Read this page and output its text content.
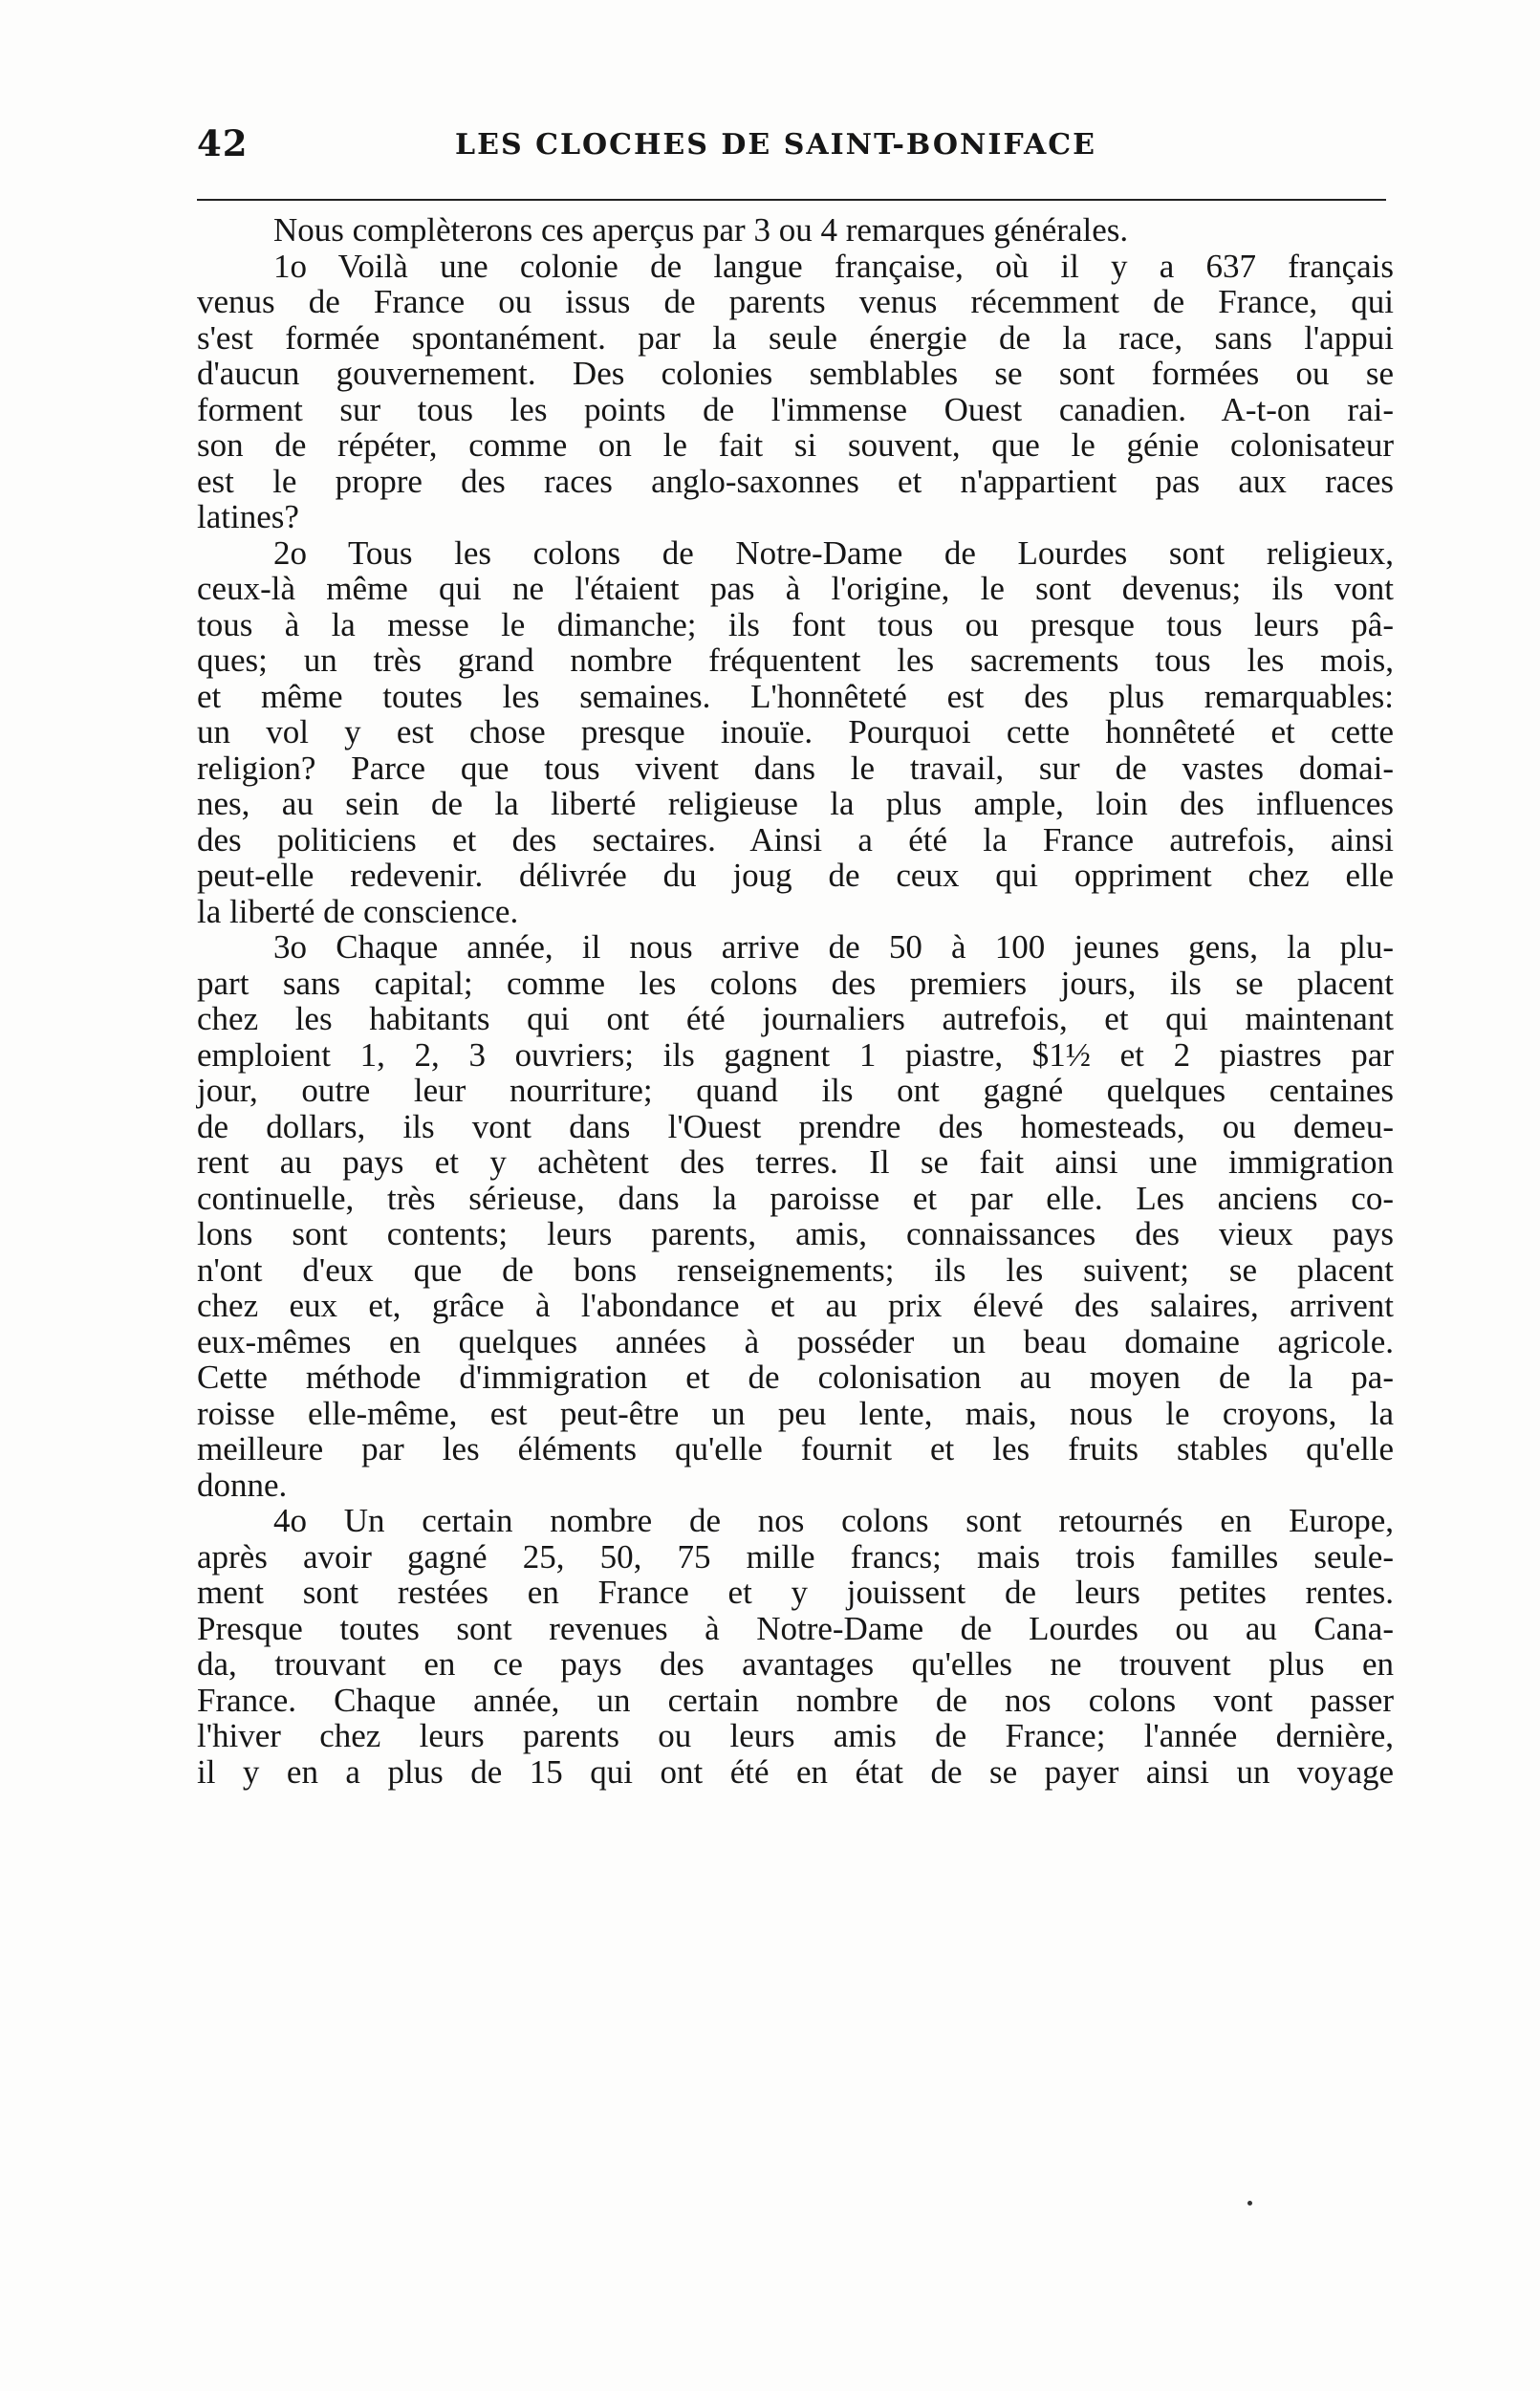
42	LES CLOCHES DE SAINT-BONIFACE

Nous complèterons ces aperçus par 3 ou 4 remarques générales.

1o Voilà une colonie de langue française, où il y a 637 français
venus de France ou issus de parents venus récemment de France, qui
s'est formée spontanément. par la seule énergie de la race, sans l'appui
d'aucun gouvernement. Des colonies semblables se sont formées ou se
forment sur tous les points de l'immense Ouest canadien. A-t-on rai-
son de répéter, comme on le fait si souvent, que le génie colonisateur
est le propre des races anglo-saxonnes et n'appartient pas aux races
latines?

2o Tous les colons de Notre-Dame de Lourdes sont religieux,
ceux-là même qui ne l'étaient pas à l'origine, le sont devenus; ils vont
tous à la messe le dimanche; ils font tous ou presque tous leurs pâ-
ques; un très grand nombre fréquentent les sacrements tous les mois,
et même toutes les semaines. L'honnêteté est des plus remarquables:
un vol y est chose presque inouïe. Pourquoi cette honnêteté et cette
religion? Parce que tous vivent dans le travail, sur de vastes domai-
nes, au sein de la liberté religieuse la plus ample, loin des influences
des politiciens et des sectaires. Ainsi a été la France autrefois, ainsi
peut-elle redevenir. délivrée du joug de ceux qui oppriment chez elle
la liberté de conscience.

3o Chaque année, il nous arrive de 50 à 100 jeunes gens, la plu-
part sans capital; comme les colons des premiers jours, ils se placent
chez les habitants qui ont été journaliers autrefois, et qui maintenant
emploient 1, 2, 3 ouvriers; ils gagnent 1 piastre, $1½ et 2 piastres par
jour, outre leur nourriture; quand ils ont gagné quelques centaines
de dollars, ils vont dans l'Ouest prendre des homesteads, ou demeu-
rent au pays et y achètent des terres. Il se fait ainsi une immigration
continuelle, très sérieuse, dans la paroisse et par elle. Les anciens co-
lons sont contents; leurs parents, amis, connaissances des vieux pays
n'ont d'eux que de bons renseignements; ils les suivent; se placent
chez eux et, grâce à l'abondance et au prix élevé des salaires, arrivent
eux-mêmes en quelques années à posséder un beau domaine agricole.
Cette méthode d'immigration et de colonisation au moyen de la pa-
roisse elle-même, est peut-être un peu lente, mais, nous le croyons, la
meilleure par les éléments qu'elle fournit et les fruits stables qu'elle
donne.

4o Un certain nombre de nos colons sont retournés en Europe,
après avoir gagné 25, 50, 75 mille francs; mais trois familles seule-
ment sont restées en France et y jouissent de leurs petites rentes.
Presque toutes sont revenues à Notre-Dame de Lourdes ou au Cana-
da, trouvant en ce pays des avantages qu'elles ne trouvent plus en
France. Chaque année, un certain nombre de nos colons vont passer
l'hiver chez leurs parents ou leurs amis de France; l'année dernière,
il y en a plus de 15 qui ont été en état de se payer ainsi un voyage
